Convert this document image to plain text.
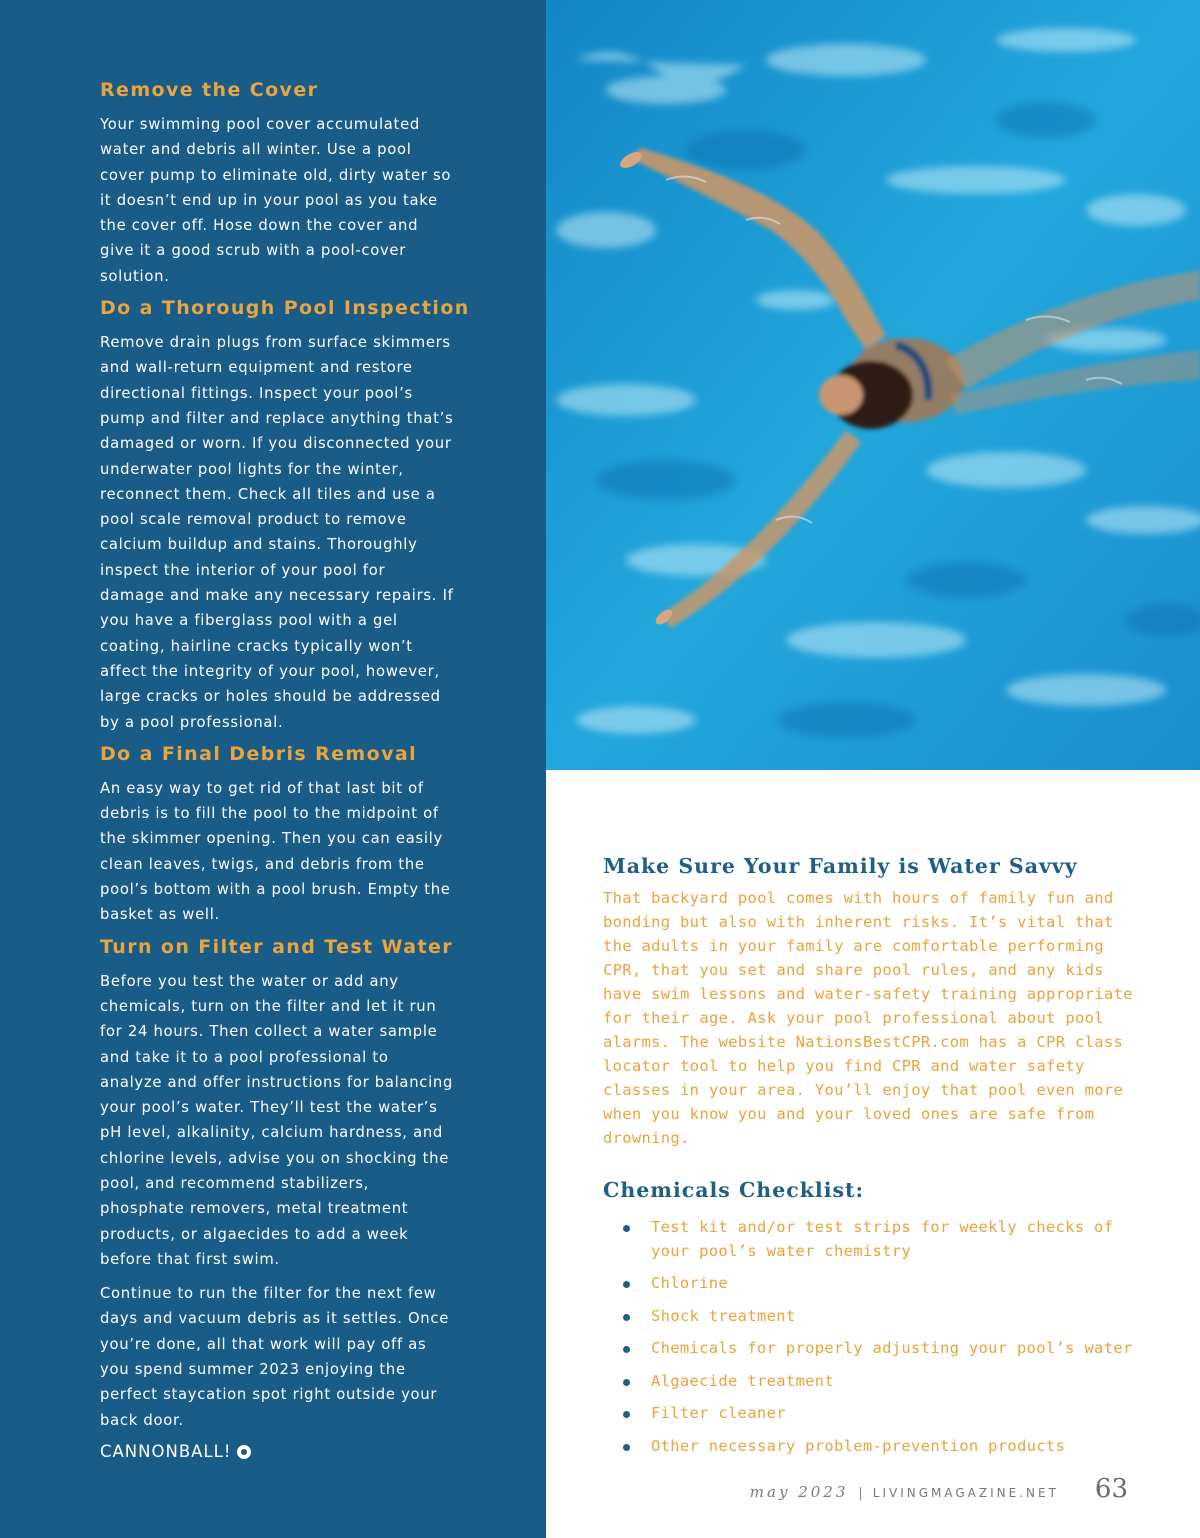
Remove the Cover

Your swimming pool cover accumulated water and debris all winter. Use a pool cover pump to eliminate old, dirty water so it doesn’t end up in your pool as you take the cover off. Hose down the cover and give it a good scrub with a pool-cover solution.

Do a Thorough Pool Inspection

Remove drain plugs from surface skimmers and wall-return equipment and restore directional fittings. Inspect your pool’s pump and filter and replace anything that’s damaged or worn. If you disconnected your underwater pool lights for the winter, reconnect them. Check all tiles and use a pool scale removal product to remove calcium buildup and stains. Thoroughly inspect the interior of your pool for damage and make any necessary repairs. If you have a fiberglass pool with a gel coating, hairline cracks typically won’t affect the integrity of your pool, however, large cracks or holes should be addressed by a pool professional.

Do a Final Debris Removal

An easy way to get rid of that last bit of debris is to fill the pool to the midpoint of the skimmer opening. Then you can easily clean leaves, twigs, and debris from the pool’s bottom with a pool brush. Empty the basket as well.

Turn on Filter and Test Water

Before you test the water or add any chemicals, turn on the filter and let it run for 24 hours. Then collect a water sample and take it to a pool professional to analyze and offer instructions for balancing your pool’s water. They’ll test the water’s pH level, alkalinity, calcium hardness, and chlorine levels, advise you on shocking the pool, and recommend stabilizers, phosphate removers, metal treatment products, or algaecides to add a week before that first swim.

Continue to run the filter for the next few days and vacuum debris as it settles. Once you’re done, all that work will pay off as you spend summer 2023 enjoying the perfect staycation spot right outside your back door.

CANNONBALL!
Make Sure Your Family is Water Savvy

That backyard pool comes with hours of family fun and bonding but also with inherent risks. It’s vital that the adults in your family are comfortable performing CPR, that you set and share pool rules, and any kids have swim lessons and water-safety training appropriate for their age. Ask your pool professional about pool alarms. The website NationsBestCPR.com has a CPR class locator tool to help you find CPR and water safety classes in your area. You’ll enjoy that pool even more when you know you and your loved ones are safe from drowning.

Chemicals Checklist:
Test kit and/or test strips for weekly checks of your pool’s water chemistry
Chlorine
Shock treatment
Chemicals for properly adjusting your pool’s water
Algaecide treatment
Filter cleaner
Other necessary problem-prevention products
may 2023 | LIVINGMAGAZINE.NET 63
